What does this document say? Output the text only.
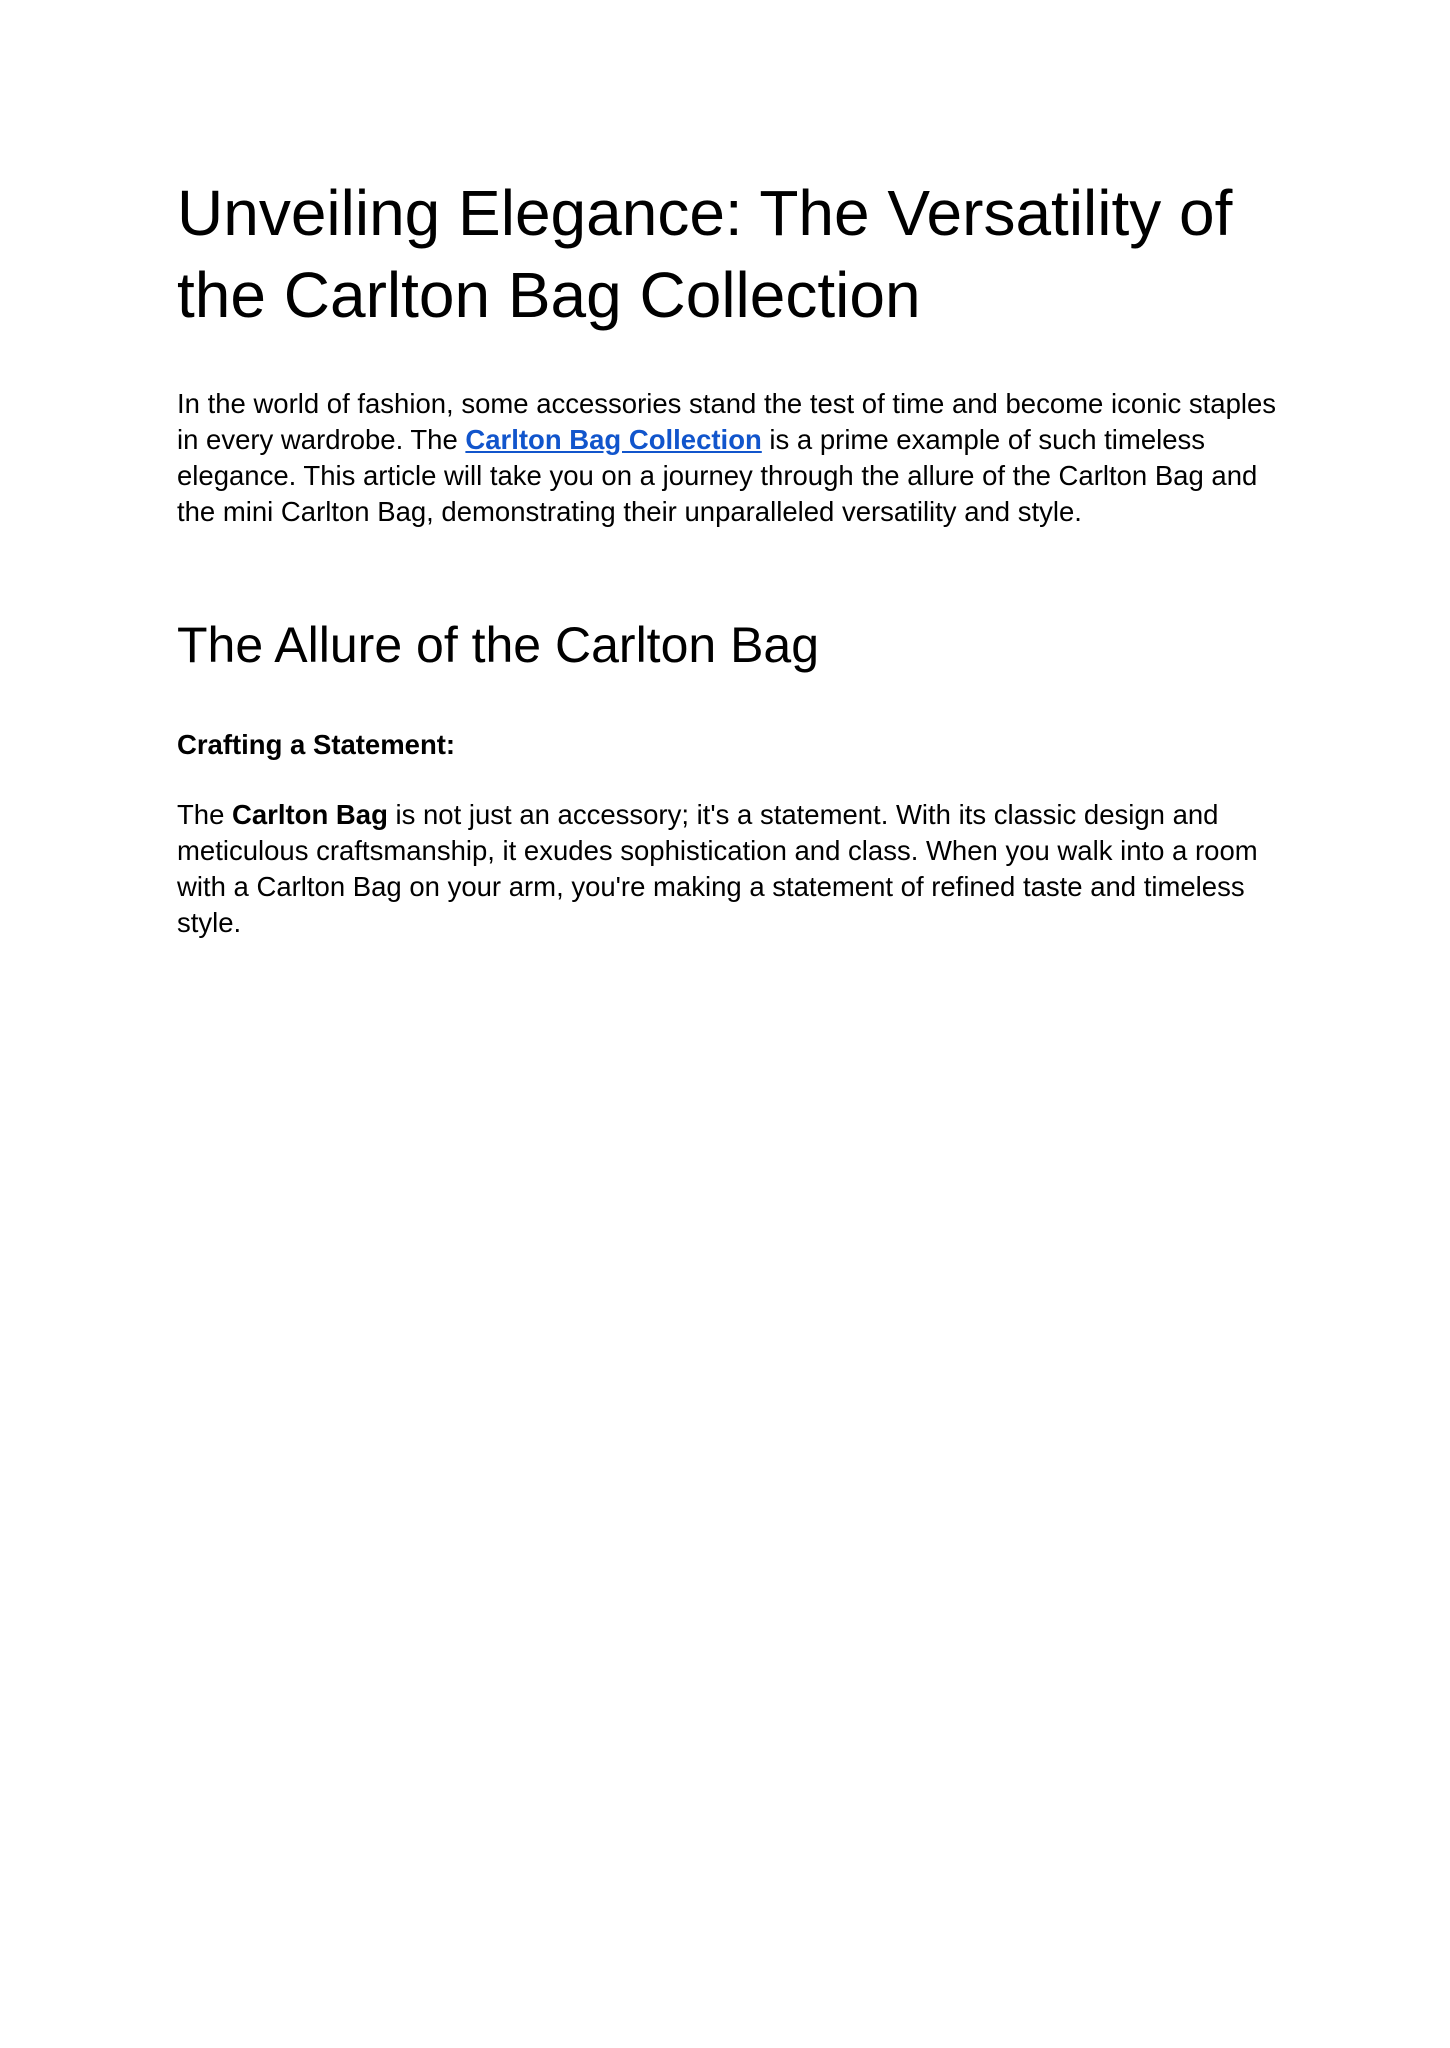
Unveiling Elegance: The Versatility of the Carlton Bag Collection

In the world of fashion, some accessories stand the test of time and become iconic staples in every wardrobe. The Carlton Bag Collection is a prime example of such timeless elegance. This article will take you on a journey through the allure of the Carlton Bag and the mini Carlton Bag, demonstrating their unparalleled versatility and style.

The Allure of the Carlton Bag
Crafting a Statement:

The Carlton Bag is not just an accessory; it's a statement. With its classic design and meticulous craftsmanship, it exudes sophistication and class. When you walk into a room with a Carlton Bag on your arm, you're making a statement of refined taste and timeless style.
